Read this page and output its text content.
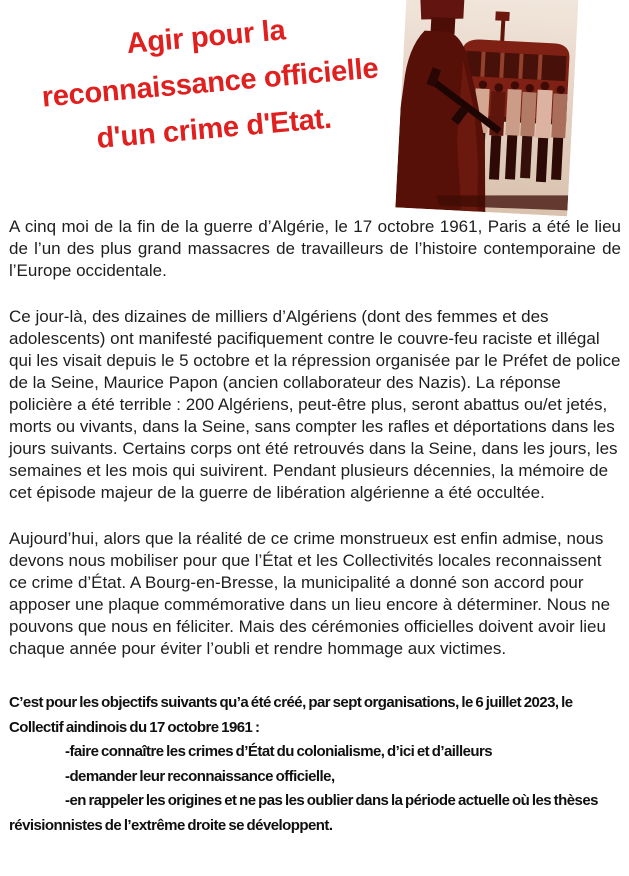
Agir pour la
reconnaissance officielle
d'un crime d'Etat.

A cinq moi de la fin de la guerre d’Algérie, le 17 octobre 1961, Paris a été le lieu de l’un des plus grand massacres de travailleurs de l’histoire contemporaine de l’Europe occidentale.

Ce jour-là, des dizaines de milliers d’Algériens (dont des femmes et des adolescents) ont manifesté pacifiquement contre le couvre-feu raciste et illégal qui les visait depuis le 5 octobre et la répression organisée par le Préfet de police de la Seine, Maurice Papon (ancien collaborateur des Nazis). La réponse policière a été terrible : 200 Algériens, peut-être plus, seront abattus ou/et jetés, morts ou vivants, dans la Seine, sans compter les rafles et déportations dans les jours suivants. Certains corps ont été retrouvés dans la Seine, dans les jours, les semaines et les mois qui suivirent. Pendant plusieurs décennies, la mémoire de cet épisode majeur de la guerre de libération algérienne a été occultée.

Aujourd’hui, alors que la réalité de ce crime monstrueux est enfin admise, nous devons nous mobiliser pour que l’État et les Collectivités locales reconnaissent ce crime d’État. A Bourg-en-Bresse, la municipalité a donné son accord pour apposer une plaque commémorative dans un lieu encore à déterminer. Nous ne pouvons que nous en féliciter. Mais des cérémonies officielles doivent avoir lieu chaque année pour éviter l’oubli et rendre hommage aux victimes.

C’est pour les objectifs suivants qu’a été créé, par sept organisations, le 6 juillet 2023, le Collectif aindinois du 17 octobre 1961 :
-faire connaître les crimes d’État du colonialisme, d’ici et d’ailleurs
-demander leur reconnaissance officielle,
-en rappeler les origines et ne pas les oublier dans la période actuelle où les thèses révisionnistes de l’extrême droite se développent.
